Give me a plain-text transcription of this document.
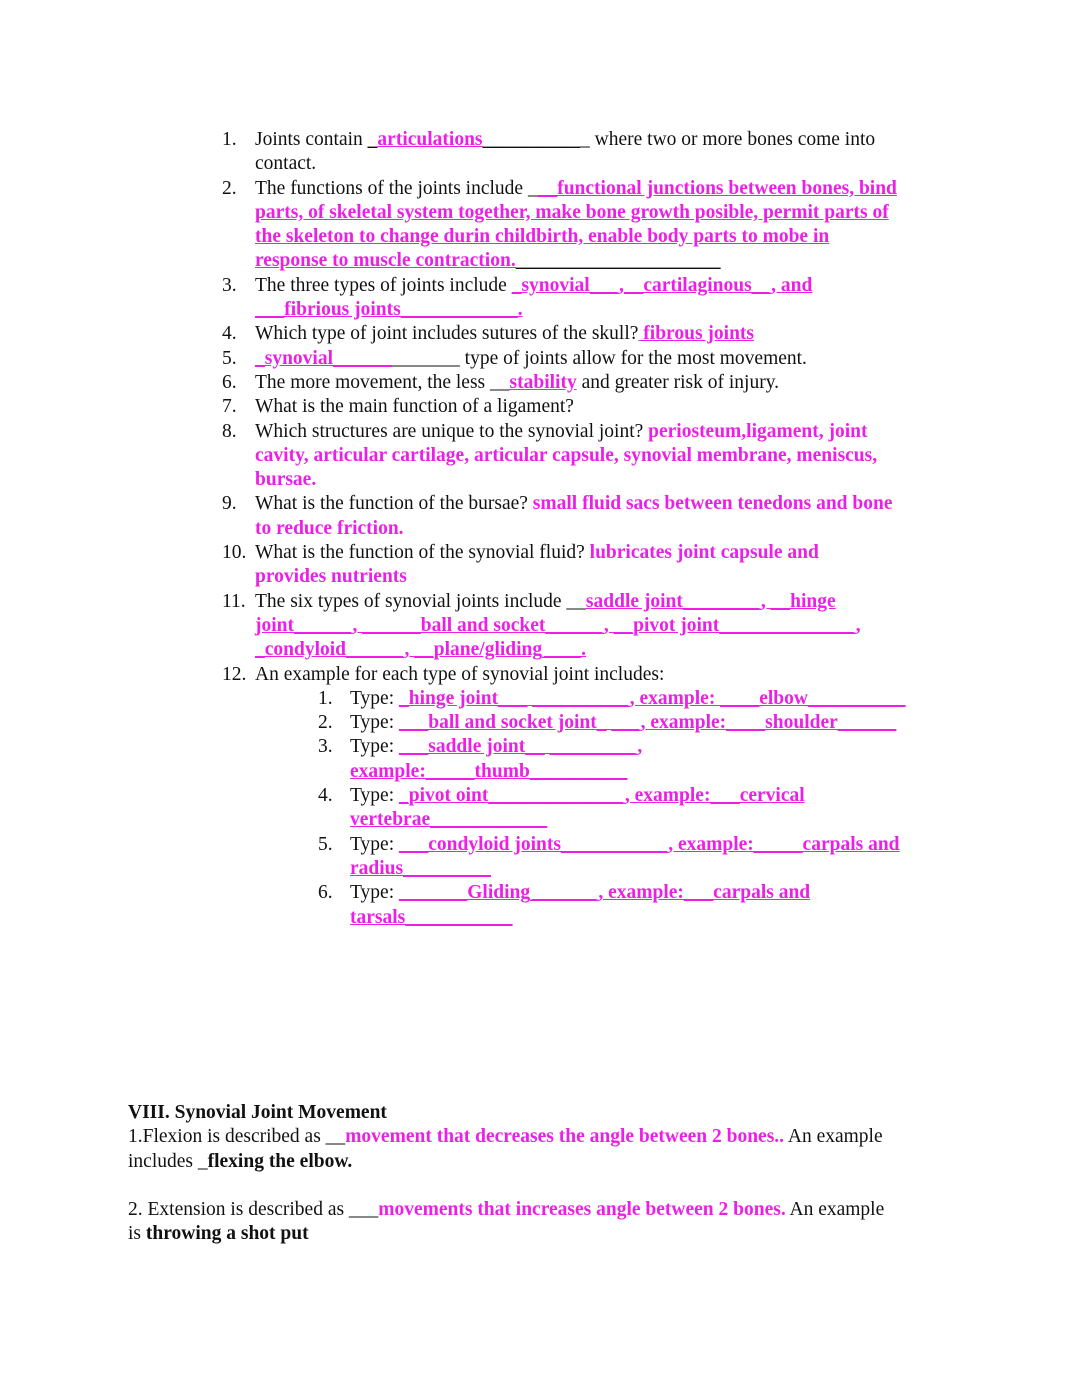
1. Joints contain _articulations___________ where two or more bones come into
contact.
2. The functions of the joints include ___functional junctions between bones, bind
parts, of skeletal system together, make bone growth posible, permit parts of
the skeleton to change durin childbirth, enable body parts to mobe in
response to muscle contraction._____________________
3. The three types of joints include _synovial___,__cartilaginous__, and
___fibrious joints____________.
4. Which type of joint includes sutures of the skull? fibrous joints
5. _synovial_____________ type of joints allow for the most movement.
6. The more movement, the less __stability and greater risk of injury.
7. What is the main function of a ligament?
8. Which structures are unique to the synovial joint? periosteum,ligament, joint
cavity, articular cartilage, articular capsule, synovial membrane, meniscus,
bursae.
9. What is the function of the bursae? small fluid sacs between tenedons and bone
to reduce friction.
10. What is the function of the synovial fluid? lubricates joint capsule and
provides nutrients
11. The six types of synovial joints include __saddle joint________, __hinge
joint______, ______ball and socket______, __pivot joint______________,
_condyloid______, __plane/gliding____.
12. An example for each type of synovial joint includes:
1. Type: _hinge joint___ __________, example: ____elbow__________
2. Type: ___ball and socket joint_ ___, example:____shoulder______
3. Type: ___saddle joint__ _________,
example:_____thumb__________
4. Type: _pivot oint______________, example:___cervical
vertebrae____________
5. Type: ___condyloid joints___________, example:_____carpals and
radius_________
6. Type: _______Gliding_______, example:___carpals and
tarsals___________
VIII. Synovial Joint Movement
1.Flexion is described as __movement that decreases the angle between 2 bones.. An example
includes _flexing the elbow.
2. Extension is described as ___movements that increases angle between 2 bones. An example
is throwing a shot put
